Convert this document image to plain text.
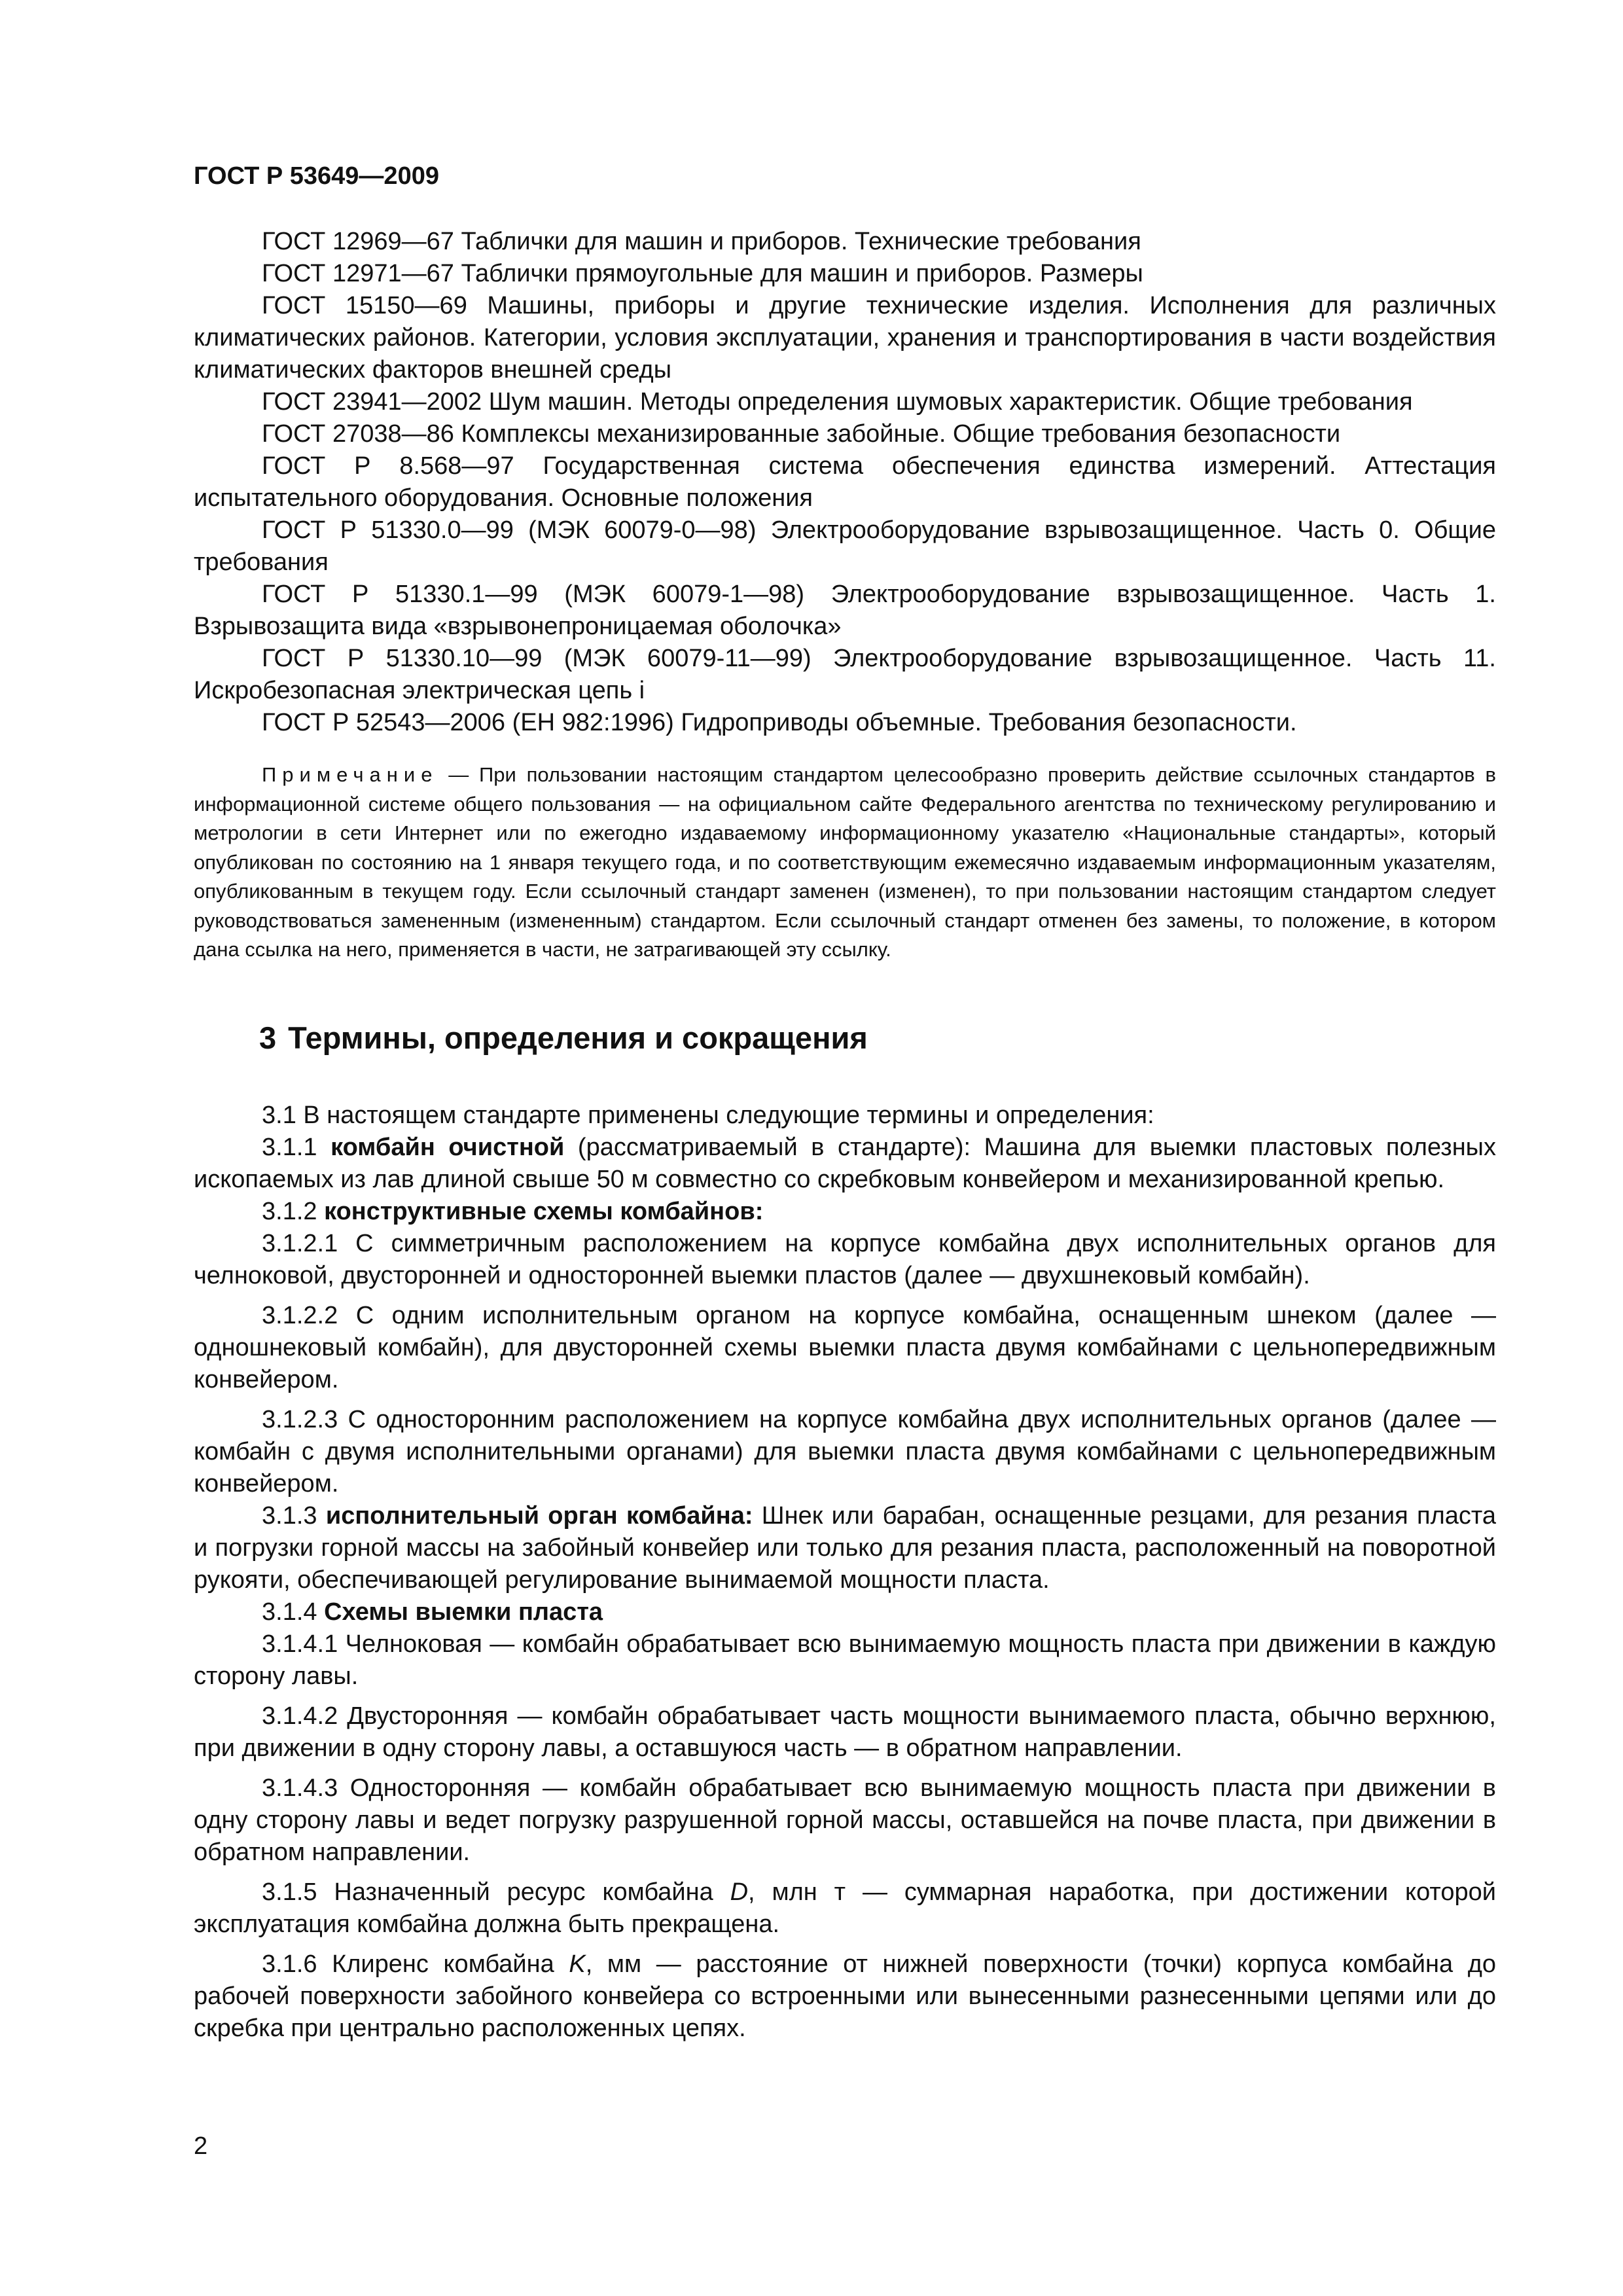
ГОСТ Р 53649—2009

ГОСТ 12969—67 Таблички для машин и приборов. Технические требования

ГОСТ 12971—67 Таблички прямоугольные для машин и приборов. Размеры

ГОСТ 15150—69 Машины, приборы и другие технические изделия. Исполнения для различных климатических районов. Категории, условия эксплуатации, хранения и транспортирования в части воздействия климатических факторов внешней среды

ГОСТ 23941—2002 Шум машин. Методы определения шумовых характеристик. Общие требования

ГОСТ 27038—86 Комплексы механизированные забойные. Общие требования безопасности

ГОСТ Р 8.568—97 Государственная система обеспечения единства измерений. Аттестация испытательного оборудования. Основные положения

ГОСТ Р 51330.0—99 (МЭК 60079-0—98) Электрооборудование взрывозащищенное. Часть 0. Общие требования

ГОСТ Р 51330.1—99 (МЭК 60079-1—98) Электрооборудование взрывозащищенное. Часть 1. Взрывозащита вида «взрывонепроницаемая оболочка»

ГОСТ Р 51330.10—99 (МЭК 60079-11—99) Электрооборудование взрывозащищенное. Часть 11. Искробезопасная электрическая цепь i

ГОСТ Р 52543—2006 (ЕН 982:1996) Гидроприводы объемные. Требования безопасности.

Примечание — При пользовании настоящим стандартом целесообразно проверить действие ссылочных стандартов в информационной системе общего пользования — на официальном сайте Федерального агентства по техническому регулированию и метрологии в сети Интернет или по ежегодно издаваемому информационному указателю «Национальные стандарты», который опубликован по состоянию на 1 января текущего года, и по соответствующим ежемесячно издаваемым информационным указателям, опубликованным в текущем году. Если ссылочный стандарт заменен (изменен), то при пользовании настоящим стандартом следует руководствоваться замененным (измененным) стандартом. Если ссылочный стандарт отменен без замены, то положение, в котором дана ссылка на него, применяется в части, не затрагивающей эту ссылку.

3 Термины, определения и сокращения

3.1 В настоящем стандарте применены следующие термины и определения:

3.1.1 комбайн очистной (рассматриваемый в стандарте): Машина для выемки пластовых полезных ископаемых из лав длиной свыше 50 м совместно со скребковым конвейером и механизированной крепью.

3.1.2 конструктивные схемы комбайнов:

3.1.2.1 С симметричным расположением на корпусе комбайна двух исполнительных органов для челноковой, двусторонней и односторонней выемки пластов (далее — двухшнековый комбайн).

3.1.2.2 С одним исполнительным органом на корпусе комбайна, оснащенным шнеком (далее — одношнековый комбайн), для двусторонней схемы выемки пласта двумя комбайнами с цельнопередвижным конвейером.

3.1.2.3 С односторонним расположением на корпусе комбайна двух исполнительных органов (далее — комбайн с двумя исполнительными органами) для выемки пласта двумя комбайнами с цельнопередвижным конвейером.

3.1.3 исполнительный орган комбайна: Шнек или барабан, оснащенные резцами, для резания пласта и погрузки горной массы на забойный конвейер или только для резания пласта, расположенный на поворотной рукояти, обеспечивающей регулирование вынимаемой мощности пласта.

3.1.4 Схемы выемки пласта

3.1.4.1 Челноковая — комбайн обрабатывает всю вынимаемую мощность пласта при движении в каждую сторону лавы.

3.1.4.2 Двусторонняя — комбайн обрабатывает часть мощности вынимаемого пласта, обычно верхнюю, при движении в одну сторону лавы, а оставшуюся часть — в обратном направлении.

3.1.4.3 Односторонняя — комбайн обрабатывает всю вынимаемую мощность пласта при движении в одну сторону лавы и ведет погрузку разрушенной горной массы, оставшейся на почве пласта, при движении в обратном направлении.

3.1.5 Назначенный ресурс комбайна D, млн т — суммарная наработка, при достижении которой эксплуатация комбайна должна быть прекращена.

3.1.6 Клиренс комбайна K, мм — расстояние от нижней поверхности (точки) корпуса комбайна до рабочей поверхности забойного конвейера со встроенными или вынесенными разнесенными цепями или до скребка при центрально расположенных цепях.

2
